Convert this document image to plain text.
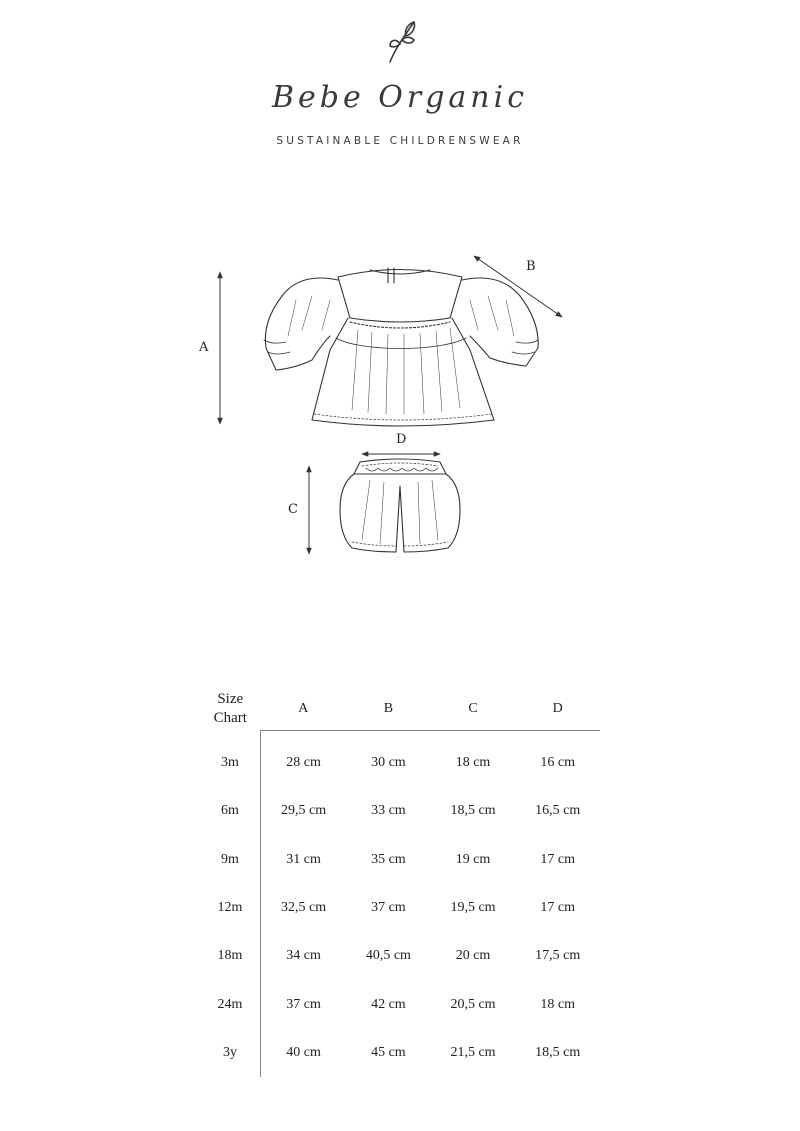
Bebe Organic
SUSTAINABLE CHILDRENSWEAR
A
B
C
D
Size
Chart	A	B	C	D
3m	28 cm	30 cm	18 cm	16 cm
6m	29,5 cm	33 cm	18,5 cm	16,5 cm
9m	31 cm	35 cm	19 cm	17 cm
12m	32,5 cm	37 cm	19,5 cm	17 cm
18m	34 cm	40,5 cm	20 cm	17,5 cm
24m	37 cm	42 cm	20,5 cm	18 cm
3y	40 cm	45 cm	21,5 cm	18,5 cm
